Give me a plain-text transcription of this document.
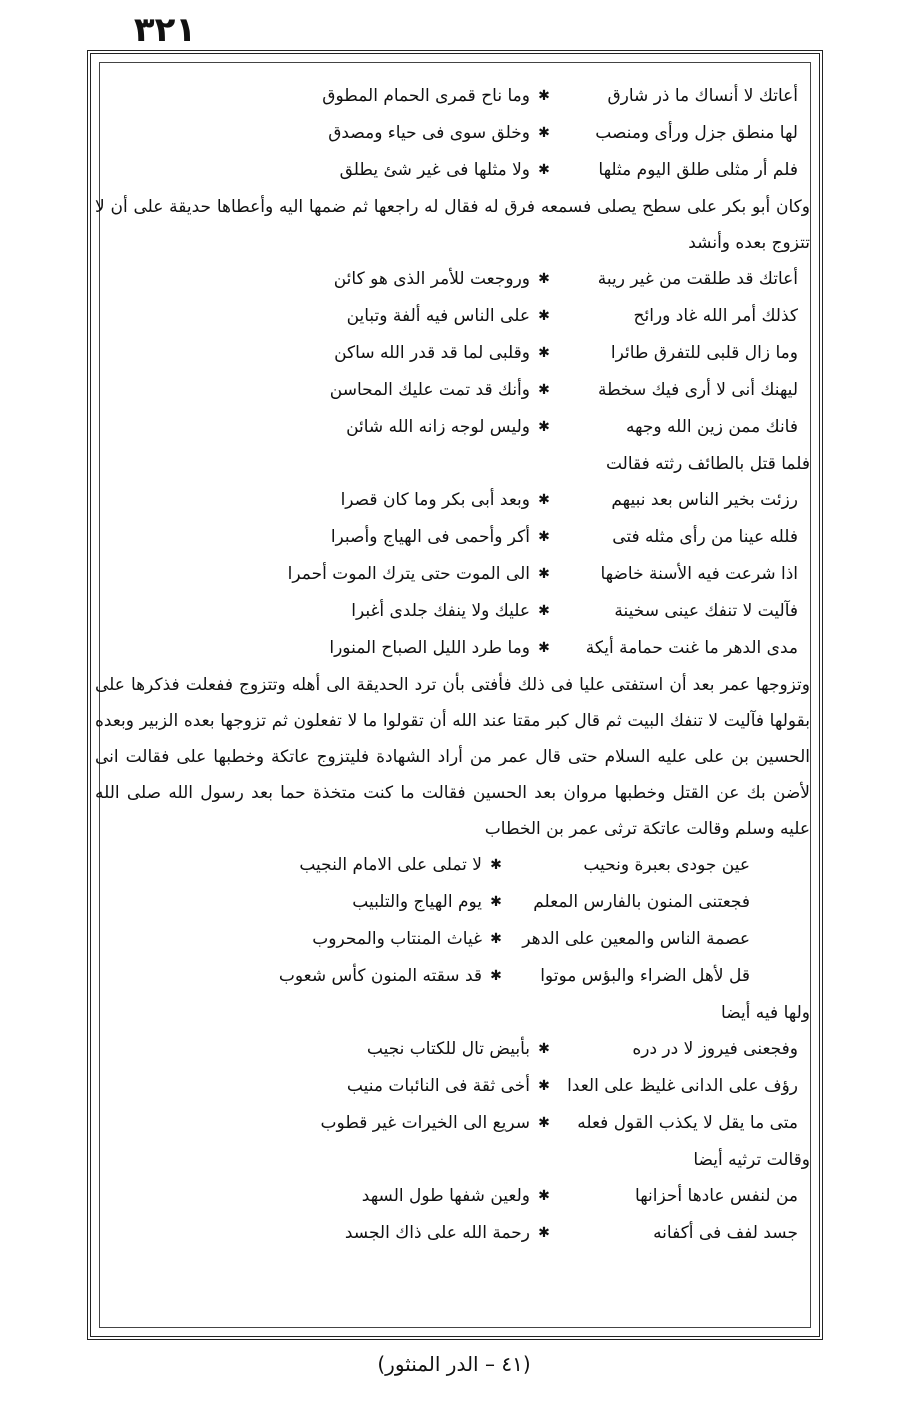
٣٢١
أعاتك لا أنساك ما ذر شارق
✱
وما ناح قمرى الحمام المطوق
لها منطق جزل ورأى ومنصب
✱
وخلق سوى فى حياء ومصدق
فلم أر مثلى طلق اليوم مثلها
✱
ولا مثلها فى غير شئ يطلق
وكان أبو بكر على سطح يصلى فسمعه فرق له فقال له راجعها ثم ضمها اليه وأعطاها حديقة على أن لا تتزوج بعده وأنشد
أعاتك قد طلقت من غير ريبة
✱
وروجعت للأمر الذى هو كائن
كذلك أمر الله غاد ورائح
✱
على الناس فيه ألفة وتباين
وما زال قلبى للتفرق طائرا
✱
وقلبى لما قد قدر الله ساكن
ليهنك أنى لا أرى فيك سخطة
✱
وأنك قد تمت عليك المحاسن
فانك ممن زين الله وجهه
✱
وليس لوجه زانه الله شائن
فلما قتل بالطائف رثته فقالت
رزئت بخير الناس بعد نبيهم
✱
وبعد أبى بكر وما كان قصرا
فلله عينا من رأى مثله فتى
✱
أكر وأحمى فى الهياج وأصبرا
اذا شرعت فيه الأسنة خاضها
✱
الى الموت حتى يترك الموت أحمرا
فآليت لا تنفك عينى سخينة
✱
عليك ولا ينفك جلدى أغبرا
مدى الدهر ما غنت حمامة أيكة
✱
وما طرد الليل الصباح المنورا
وتزوجها عمر بعد أن استفتى عليا فى ذلك فأفتى بأن ترد الحديقة الى أهله وتتزوج ففعلت فذكرها على بقولها فآليت لا تنفك البيت ثم قال كبر مقتا عند الله أن تقولوا ما لا تفعلون ثم تزوجها بعده الزبير وبعده الحسين بن على عليه السلام حتى قال عمر من أراد الشهادة فليتزوج عاتكة وخطبها على فقالت انى لأضن بك عن القتل وخطبها مروان بعد الحسين فقالت ما كنت متخذة حما بعد رسول الله صلى الله عليه وسلم وقالت عاتكة ترثى عمر بن الخطاب
عين جودى بعبرة ونحيب
✱
لا تملى على الامام النجيب
فجعتنى المنون بالفارس المعلم
✱
يوم الهياج والتلبيب
عصمة الناس والمعين على الدهر
✱
غياث المنتاب والمحروب
قل لأهل الضراء والبؤس موتوا
✱
قد سقته المنون كأس شعوب
ولها فيه أيضا
وفجعنى فيروز لا در دره
✱
بأبيض تال للكتاب نجيب
رؤف على الدانى غليظ على العدا
✱
أخى ثقة فى النائبات منيب
متى ما يقل لا يكذب القول فعله
✱
سريع الى الخيرات غير قطوب
وقالت ترثيه أيضا
من لنفس عادها أحزانها
✱
ولعين شفها طول السهد
جسد لفف فى أكفانه
✱
رحمة الله على ذاك الجسد
(٤١ – الدر المنثور)
